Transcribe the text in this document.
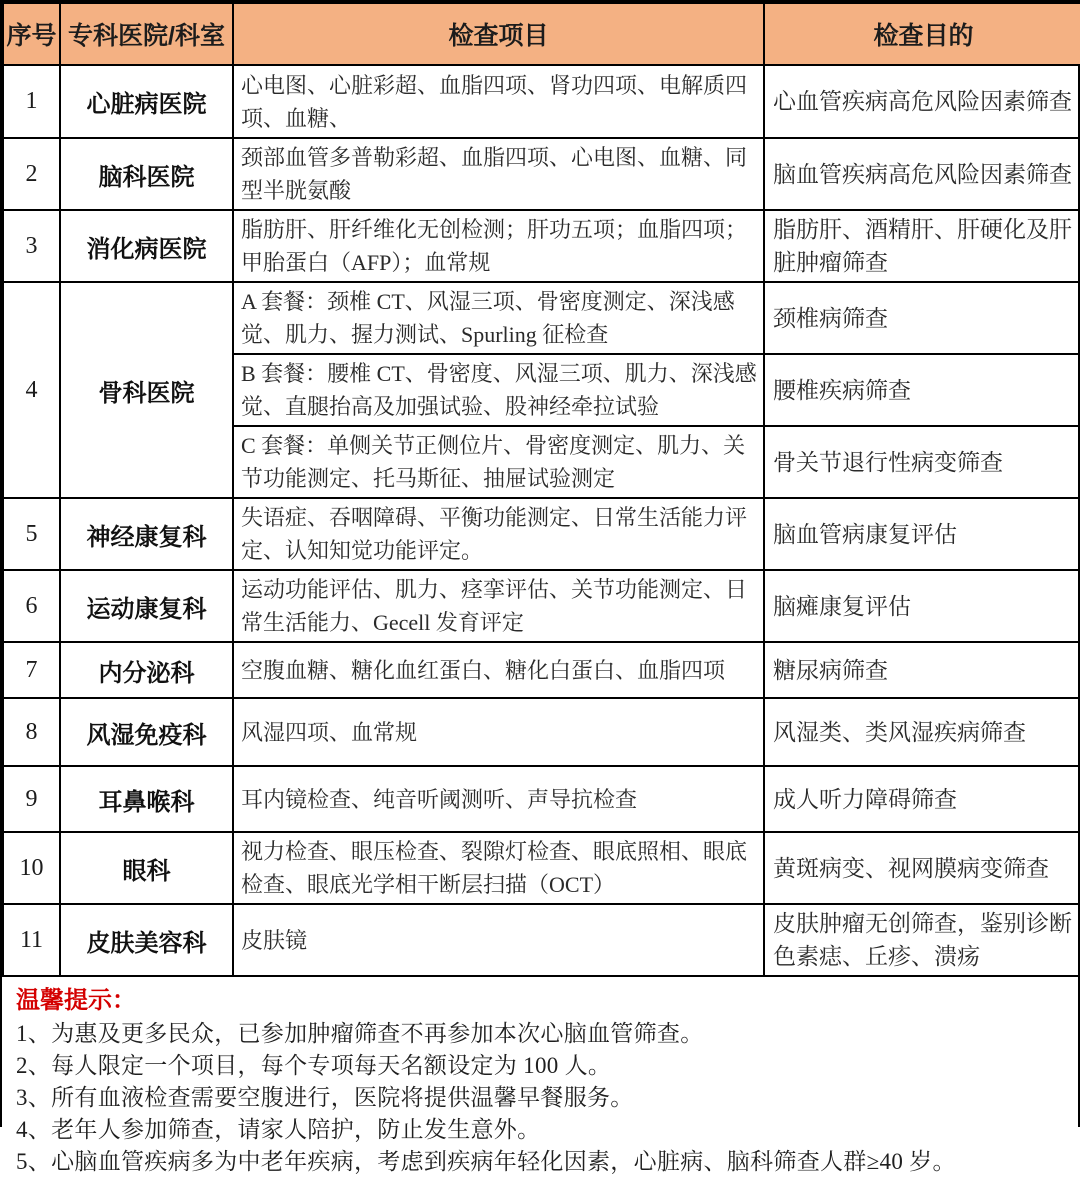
序号	专科医院/科室	检查项目	检查目的
1	心脏病医院	心电图、心脏彩超、血脂四项、肾功四项、电解质四项、血糖、	心血管疾病高危风险因素筛查
2	脑科医院	颈部血管多普勒彩超、血脂四项、心电图、血糖、同型半胱氨酸	脑血管疾病高危风险因素筛查
3	消化病医院	脂肪肝、肝纤维化无创检测；肝功五项；血脂四项；甲胎蛋白（AFP）；血常规	脂肪肝、酒精肝、肝硬化及肝脏肿瘤筛查
4	骨科医院	A 套餐：颈椎 CT、风湿三项、骨密度测定、深浅感觉、肌力、握力测试、Spurling 征检查	颈椎病筛查
		B 套餐：腰椎 CT、骨密度、风湿三项、肌力、深浅感觉、直腿抬高及加强试验、股神经牵拉试验	腰椎疾病筛查
		C 套餐：单侧关节正侧位片、骨密度测定、肌力、关节功能测定、托马斯征、抽屉试验测定	骨关节退行性病变筛查
5	神经康复科	失语症、吞咽障碍、平衡功能测定、日常生活能力评定、认知知觉功能评定。	脑血管病康复评估
6	运动康复科	运动功能评估、肌力、痉挛评估、关节功能测定、日常生活能力、Gecell 发育评定	脑瘫康复评估
7	内分泌科	空腹血糖、糖化血红蛋白、糖化白蛋白、血脂四项	糖尿病筛查
8	风湿免疫科	风湿四项、血常规	风湿类、类风湿疾病筛查
9	耳鼻喉科	耳内镜检查、纯音听阈测听、声导抗检查	成人听力障碍筛查
10	眼科	视力检查、眼压检查、裂隙灯检查、眼底照相、眼底检查、眼底光学相干断层扫描（OCT）	黄斑病变、视网膜病变筛查
11	皮肤美容科	皮肤镜	皮肤肿瘤无创筛查，鉴别诊断色素痣、丘疹、溃疡
温馨提示：
1、为惠及更多民众，已参加肿瘤筛查不再参加本次心脑血管筛查。
2、每人限定一个项目，每个专项每天名额设定为 100 人。
3、所有血液检查需要空腹进行，医院将提供温馨早餐服务。
4、老年人参加筛查，请家人陪护，防止发生意外。
5、心脑血管疾病多为中老年疾病，考虑到疾病年轻化因素，心脏病、脑科筛查人群≥40 岁。
